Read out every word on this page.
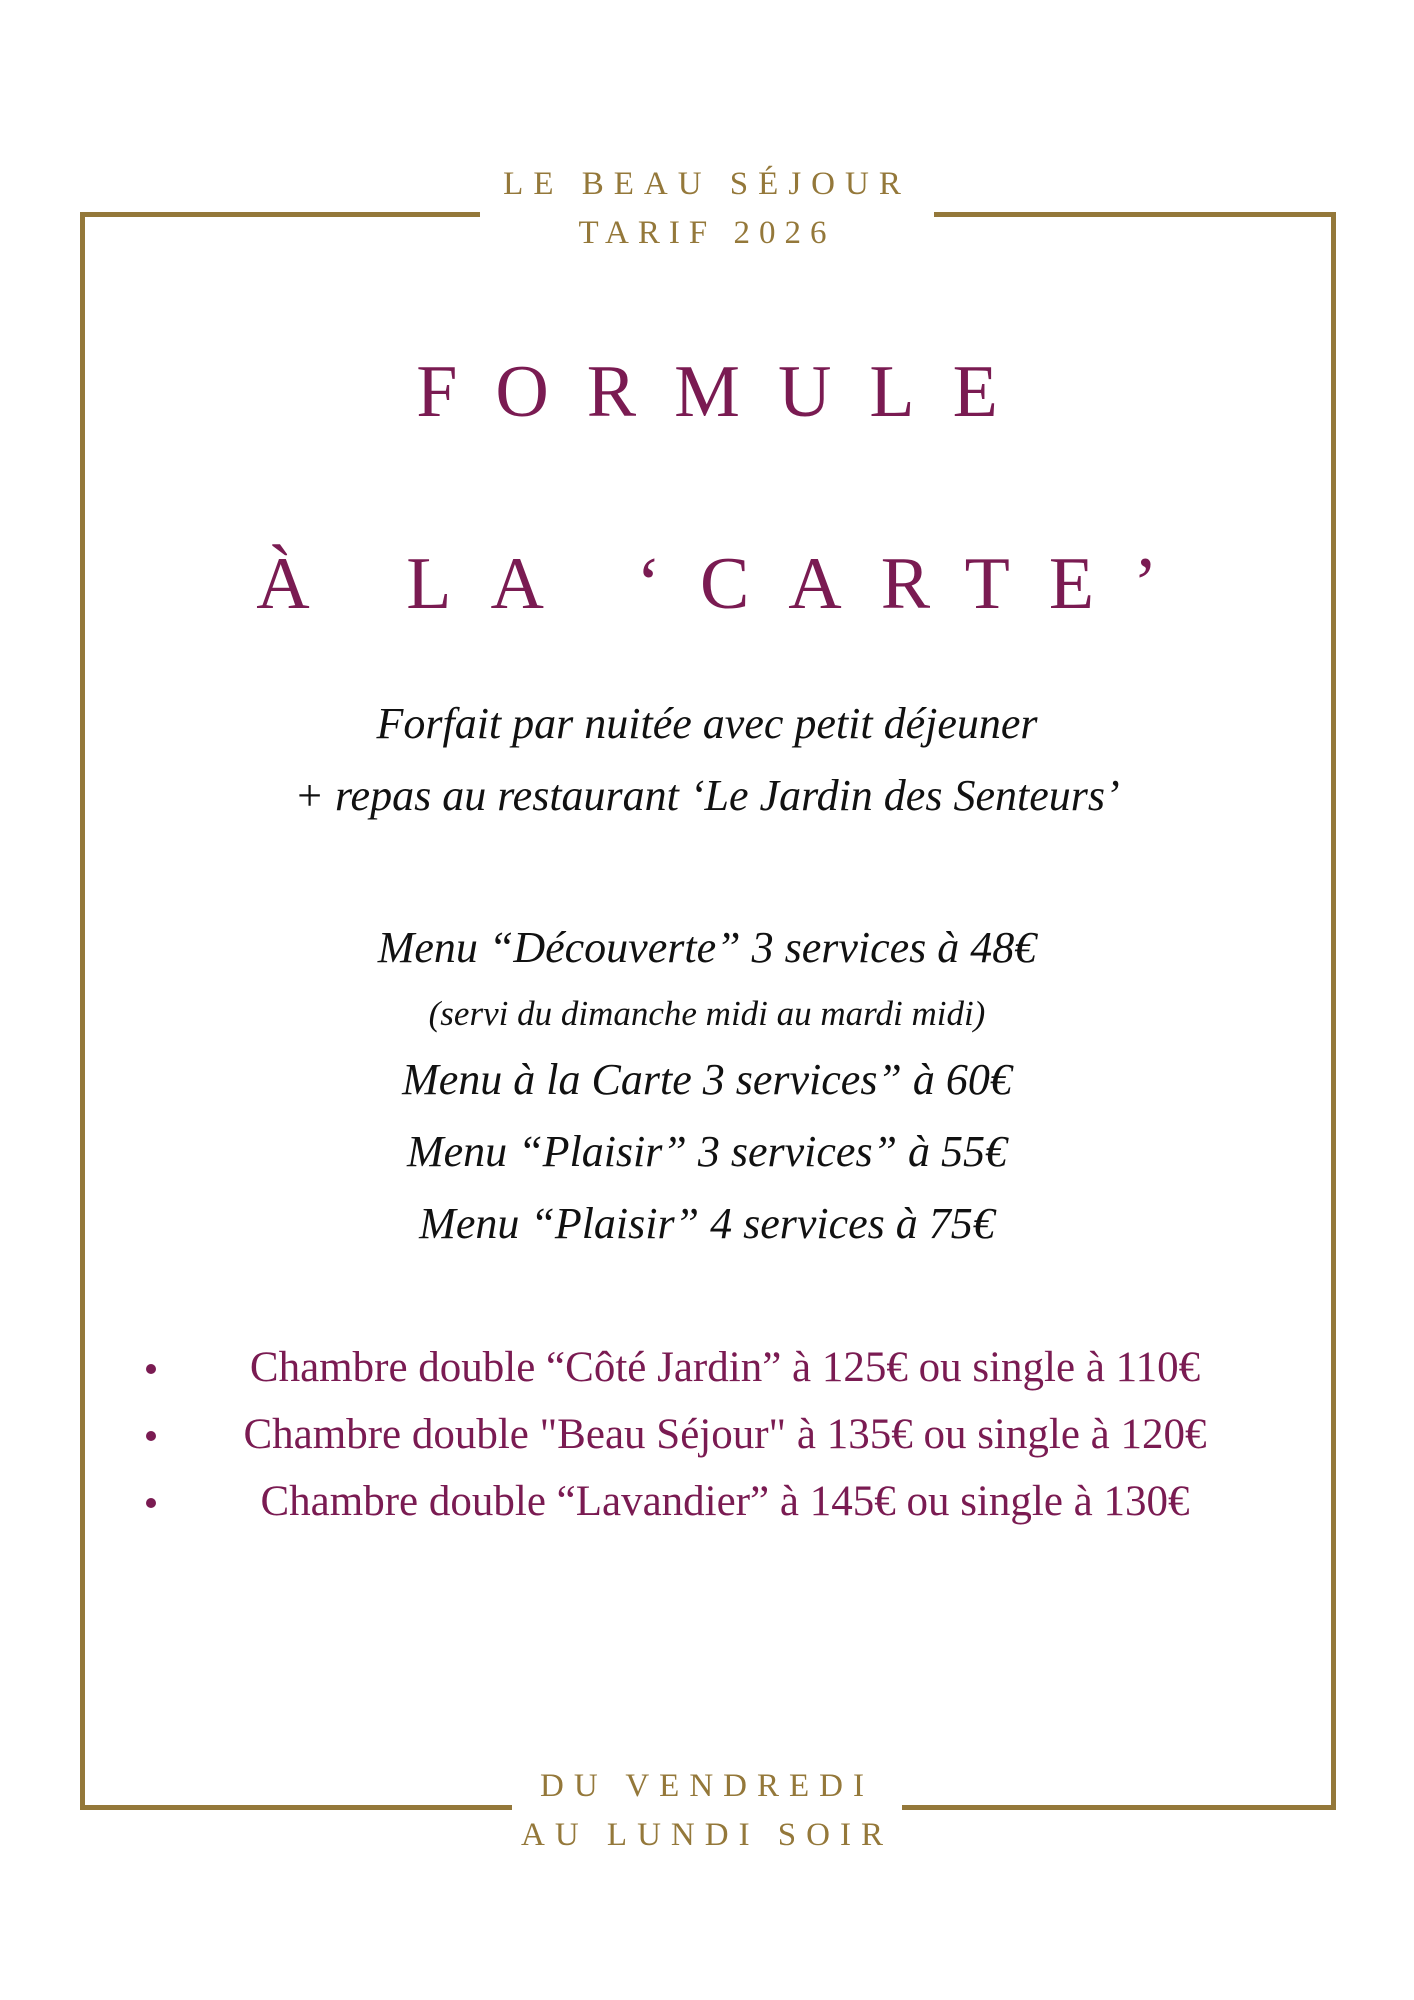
LE BEAU SÉJOUR

TARIF 2026

FORMULE
À LA ‘CARTE’

Forfait par nuitée avec petit déjeuner

+ repas au restaurant ‘Le Jardin des Senteurs’

Menu “Découverte” 3 services à 48€

(servi du dimanche midi au mardi midi)

Menu à la Carte 3 services” à 60€

Menu “Plaisir” 3 services” à 55€

Menu “Plaisir” 4 services à 75€

Chambre double “Côté Jardin” à 125€ ou single à 110€
Chambre double "Beau Séjour" à 135€ ou single à 120€
Chambre double “Lavandier” à 145€ ou single à 130€

DU VENDREDI

AU LUNDI SOIR
